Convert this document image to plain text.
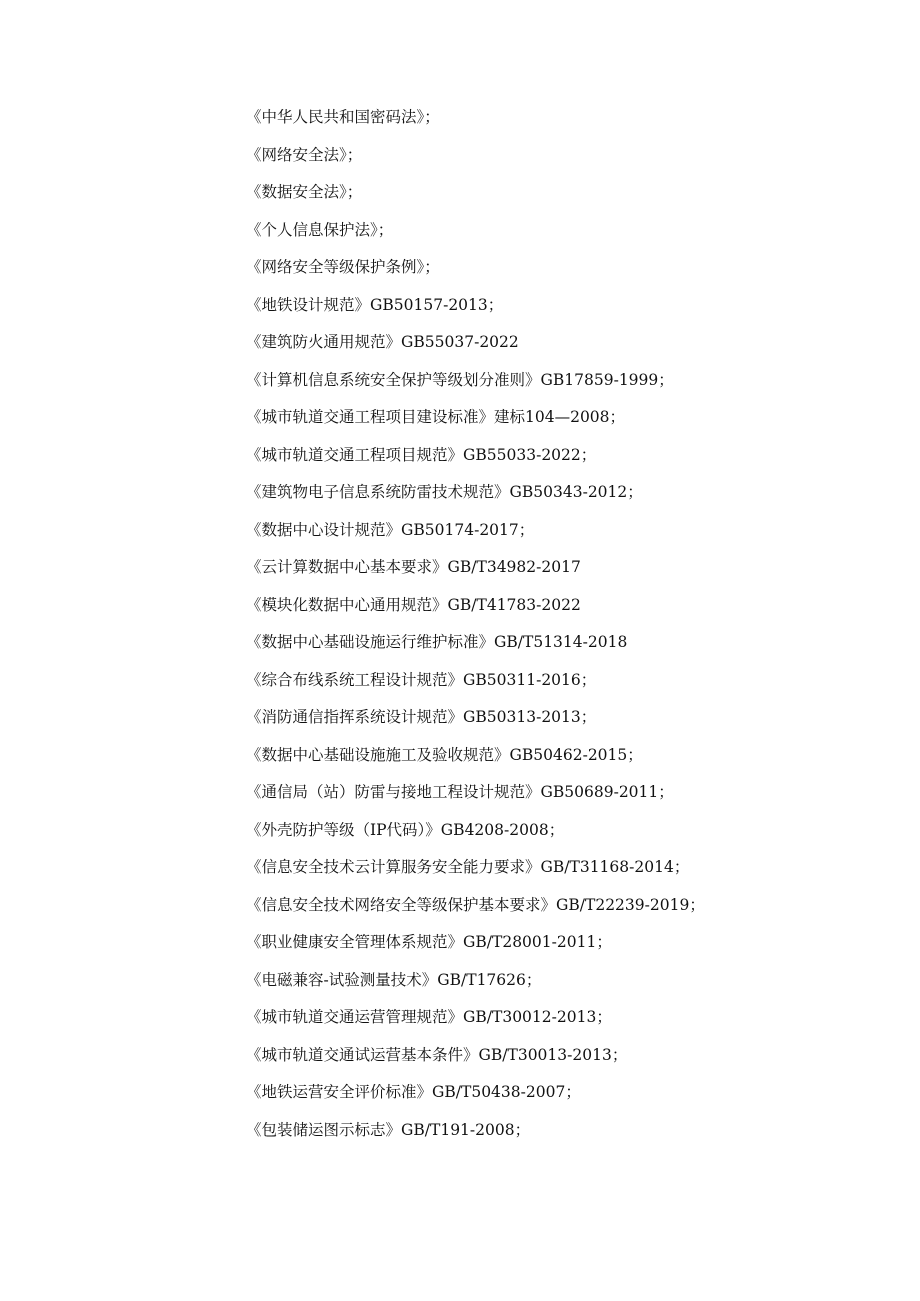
《中华人民共和国密码法》；
《网络安全法》；
《数据安全法》；
《个人信息保护法》；
《网络安全等级保护条例》；
《地铁设计规范》GB50157-2013；
《建筑防火通用规范》GB55037-2022
《计算机信息系统安全保护等级划分准则》GB17859-1999；
《城市轨道交通工程项目建设标准》建标104—2008；
《城市轨道交通工程项目规范》GB55033-2022；
《建筑物电子信息系统防雷技术规范》GB50343-2012；
《数据中心设计规范》GB50174-2017；
《云计算数据中心基本要求》GB/T34982-2017
《模块化数据中心通用规范》GB/T41783-2022
《数据中心基础设施运行维护标准》GB/T51314-2018
《综合布线系统工程设计规范》GB50311-2016；
《消防通信指挥系统设计规范》GB50313-2013；
《数据中心基础设施施工及验收规范》GB50462-2015；
《通信局（站）防雷与接地工程设计规范》GB50689-2011；
《外壳防护等级（IP代码）》GB4208-2008；
《信息安全技术云计算服务安全能力要求》GB/T31168-2014；
《信息安全技术网络安全等级保护基本要求》GB/T22239-2019；
《职业健康安全管理体系规范》GB/T28001-2011；
《电磁兼容-试验测量技术》GB/T17626；
《城市轨道交通运营管理规范》GB/T30012-2013；
《城市轨道交通试运营基本条件》GB/T30013-2013；
《地铁运营安全评价标准》GB/T50438-2007；
《包装储运图示标志》GB/T191-2008；
